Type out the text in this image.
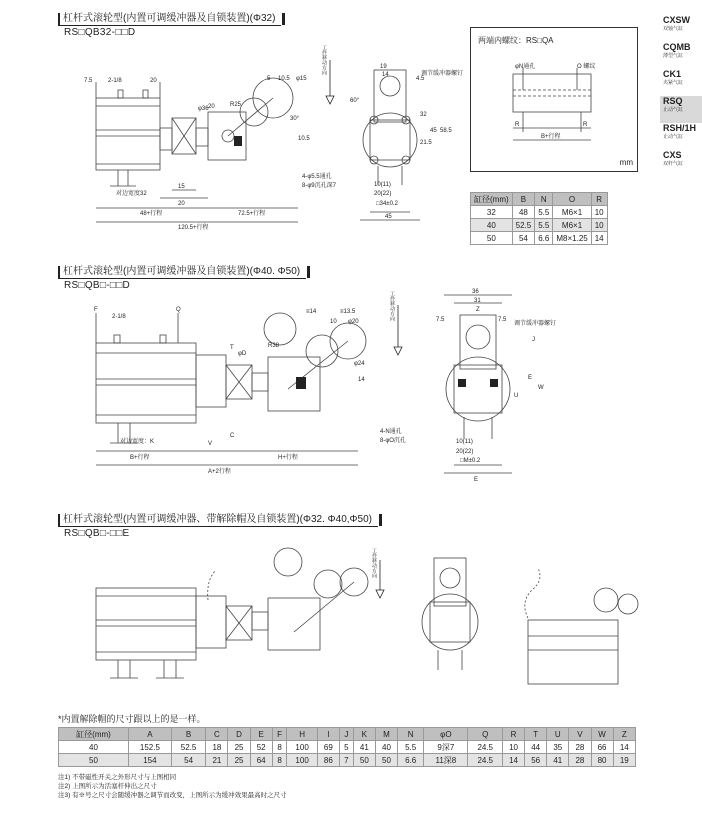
CXSW
双轴气缸
CQMB
薄型气缸
CK1
夹紧气缸
RSQ
止动气缸
RSH/1H
止动气缸
CXS
双杆气缸
杠杆式滚轮型(内置可调缓冲器及自锁装置)(Φ32)
RS□QB32-□□D
7.5	2-1/8	20	5 10.5 φ15
φ36 20	R25
30°
10.5
15
20
对边宽度32
48+行程	72.5+行程
120.5+行程
工件移动方向	19
14
4.5
调节缓冲器螺钉
60°
32
45 58.5
21.5
4-φ5.5通孔
8-φ9沉孔深7	10(11)
20(22)
□34±0.2
45
两端内螺纹：RS□QA
φN通孔	O 螺纹
R	R
B+行程
mm
缸径(mm)	B	N	O	R
32	48	5.5	M6×1	10
40	52.5	5.5	M6×1	10
50	54	6.6	M8×1.25	14
杠杆式滚轮型(内置可调缓冲器及自锁装置)(Φ40. Φ50)
RS□QB□-□□D
F
2-1/8
Q	≡14	≡13.5
10 φ20
T
φD
R38
φ24
14
C
V
对边宽度：K
B+行程	H+行程
A+2行程
工件移动方向	36
31
Z
7.5	7.5
调节缓冲器螺钉
J
E
W
U
4-N通孔
8-φO沉孔	10(11)
20(22)
□M±0.2
E
杠杆式滚轮型(内置可调缓冲器、带解除帽及自锁装置)(Φ32. Φ40,Φ50)
RS□QB□-□□E
工件移动方向
*内置解除帽的尺寸跟以上的是一样。
缸径(mm)	A	B	C	D	E	F	H	I	J	K	M	N	φO	Q	R	T	U	V	W	Z
40	152.5	52.5	18	25	52	8	100	69	5	41	40	5.5	9深7	24.5	10	44	35	28	66	14
50	154	54	21	25	64	8	100	86	7	50	50	6.6	11深8	24.5	14	56	41	28	80	19
注1) 不带磁性开关之外形尺寸与上图相同
注2) 上图所示为活塞杆伸出之尺寸
注3) 有※号之尺寸会随缓冲器之调节而改变，上图所示为缓冲效果最高时之尺寸
